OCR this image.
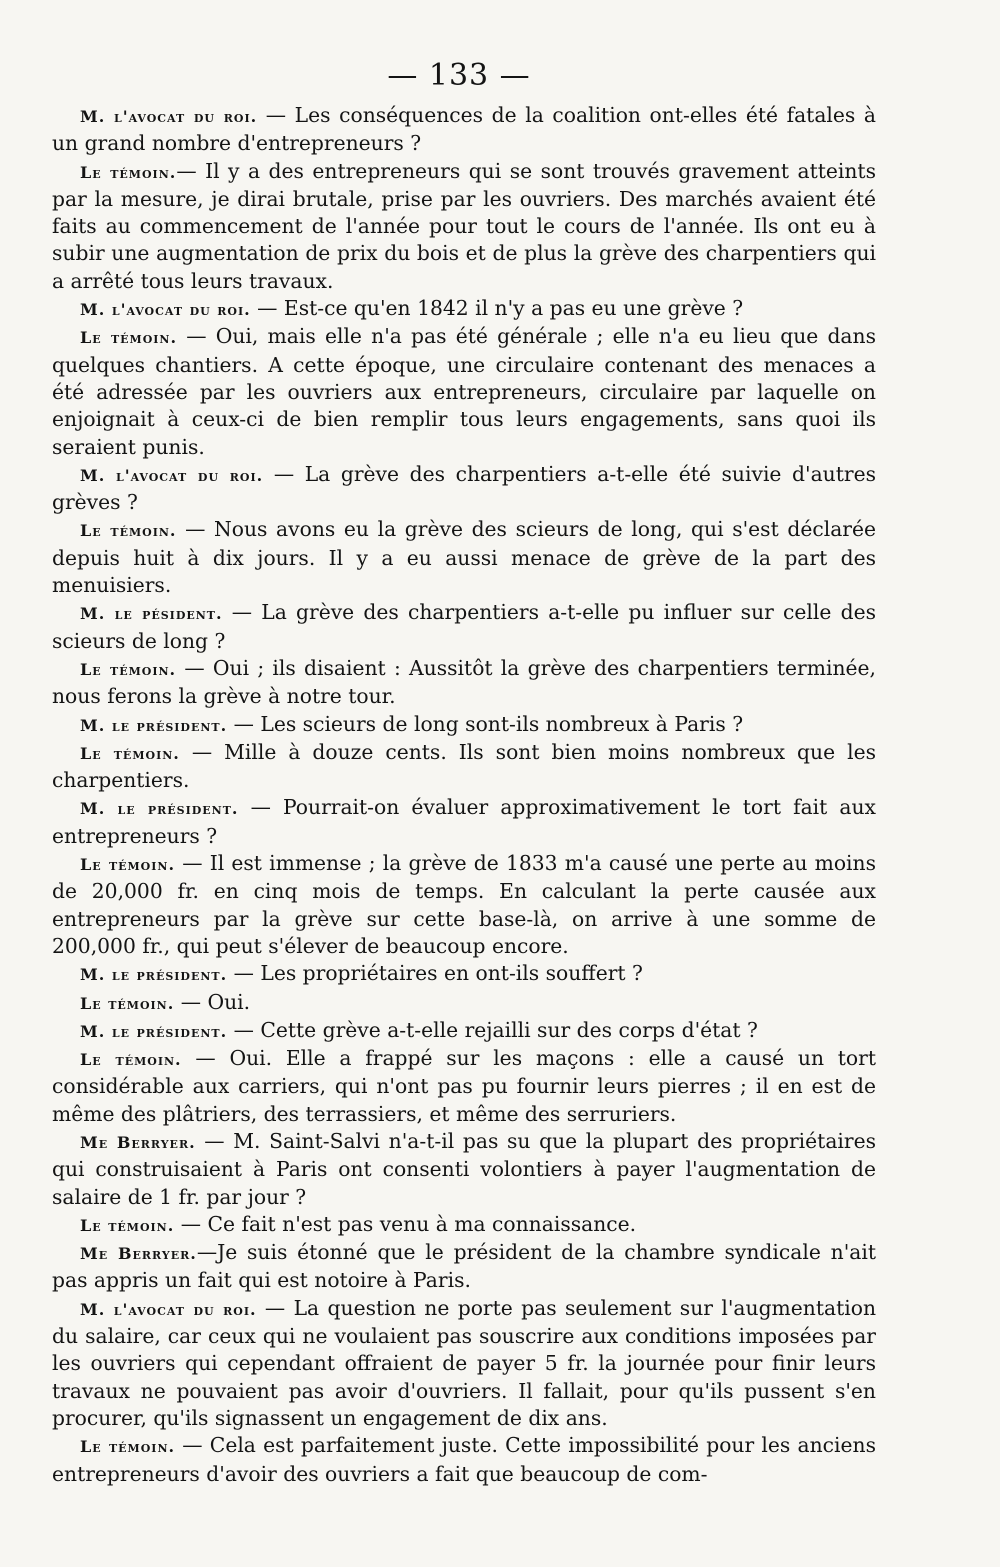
— 133 —

M. l'avocat du roi. — Les conséquences de la coalition ont-elles été fatales à un grand nombre d'entrepreneurs ?

Le témoin.— Il y a des entrepreneurs qui se sont trouvés gravement atteints par la mesure, je dirai brutale, prise par les ouvriers. Des marchés avaient été faits au commencement de l'année pour tout le cours de l'année. Ils ont eu à subir une augmentation de prix du bois et de plus la grève des charpentiers qui a arrêté tous leurs travaux.

M. l'avocat du roi. — Est-ce qu'en 1842 il n'y a pas eu une grève ?

Le témoin. — Oui, mais elle n'a pas été générale ; elle n'a eu lieu que dans quelques chantiers. A cette époque, une circulaire contenant des menaces a été adressée par les ouvriers aux entrepreneurs, circulaire par laquelle on enjoignait à ceux-ci de bien remplir tous leurs engagements, sans quoi ils seraient punis.

M. l'avocat du roi. — La grève des charpentiers a-t-elle été suivie d'autres grèves ?

Le témoin. — Nous avons eu la grève des scieurs de long, qui s'est déclarée depuis huit à dix jours. Il y a eu aussi menace de grève de la part des menuisiers.

M. le pésident. — La grève des charpentiers a-t-elle pu influer sur celle des scieurs de long ?

Le témoin. — Oui ; ils disaient : Aussitôt la grève des charpentiers terminée, nous ferons la grève à notre tour.

M. le président. — Les scieurs de long sont-ils nombreux à Paris ?

Le témoin. — Mille à douze cents. Ils sont bien moins nombreux que les charpentiers.

M. le président. — Pourrait-on évaluer approximativement le tort fait aux entrepreneurs ?

Le témoin. — Il est immense ; la grève de 1833 m'a causé une perte au moins de 20,000 fr. en cinq mois de temps. En calculant la perte causée aux entrepreneurs par la grève sur cette base-là, on arrive à une somme de 200,000 fr., qui peut s'élever de beaucoup encore.

M. le président. — Les propriétaires en ont-ils souffert ?

Le témoin. — Oui.

M. le président. — Cette grève a-t-elle rejailli sur des corps d'état ?

Le témoin. — Oui. Elle a frappé sur les maçons : elle a causé un tort considérable aux carriers, qui n'ont pas pu fournir leurs pierres ; il en est de même des plâtriers, des terrassiers, et même des serruriers.

Me Berryer. — M. Saint-Salvi n'a-t-il pas su que la plupart des propriétaires qui construisaient à Paris ont consenti volontiers à payer l'augmentation de salaire de 1 fr. par jour ?

Le témoin. — Ce fait n'est pas venu à ma connaissance.

Me Berryer.—Je suis étonné que le président de la chambre syndicale n'ait pas appris un fait qui est notoire à Paris.

M. l'avocat du roi. — La question ne porte pas seulement sur l'augmentation du salaire, car ceux qui ne voulaient pas souscrire aux conditions imposées par les ouvriers qui cependant offraient de payer 5 fr. la journée pour finir leurs travaux ne pouvaient pas avoir d'ouvriers. Il fallait, pour qu'ils pussent s'en procurer, qu'ils signassent un engagement de dix ans.

Le témoin. — Cela est parfaitement juste. Cette impossibilité pour les anciens entrepreneurs d'avoir des ouvriers a fait que beaucoup de com-
